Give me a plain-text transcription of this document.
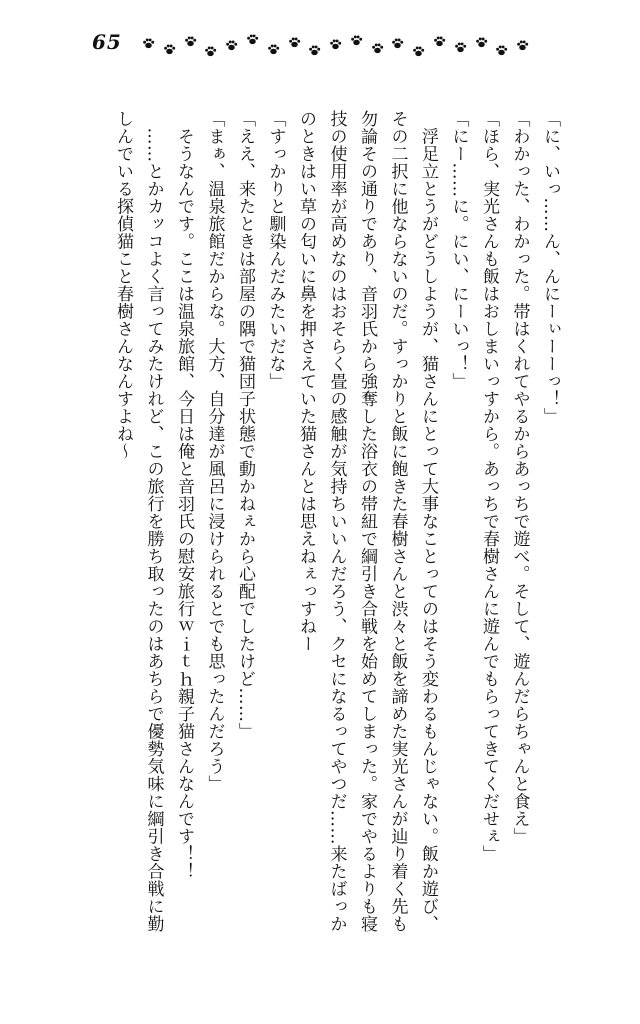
65
「に、いっ……ん、んにーぃーーっ！」
「わかった、わかった。帯はくれてやるからあっちで遊べ。そして、遊んだらちゃんと食え」
「ほら、実光さんも飯はおしまいっすから。あっちで春樹さんに遊んでもらってきてくだせぇ」
「にー……に。にい、にーいっ！」
　浮足立とうがどうしようが、猫さんにとって大事なことってのはそう変わるもんじゃない。飯か遊び、
その二択に他ならないのだ。すっかりと飯に飽きた春樹さんと渋々と飯を諦めた実光さんが辿り着く先も
勿論その通りであり、音羽氏から強奪した浴衣の帯紐で綱引き合戦を始めてしまった。家でやるよりも寝
技の使用率が高めなのはおそらく畳の感触が気持ちいいんだろう、クセになるってやつだ……来たばっか
のときはい草の匂いに鼻を押さえていた猫さんとは思えねぇっすねー
「すっかりと馴染んだみたいだな」
「ええ、来たときは部屋の隅で猫団子状態で動かねぇから心配でしたけど……」
「まぁ、温泉旅館だからな。大方、自分達が風呂に浸けられるとでも思ったんだろう」
　そうなんです。ここは温泉旅館、今日は俺と音羽氏の慰安旅行ｗｉｔｈ親子猫さんなんです！！
　……とかカッコよく言ってみたけれど、この旅行を勝ち取ったのはあちらで優勢気味に綱引き合戦に勤
しんでいる探偵猫こと春樹さんなんすよね～
